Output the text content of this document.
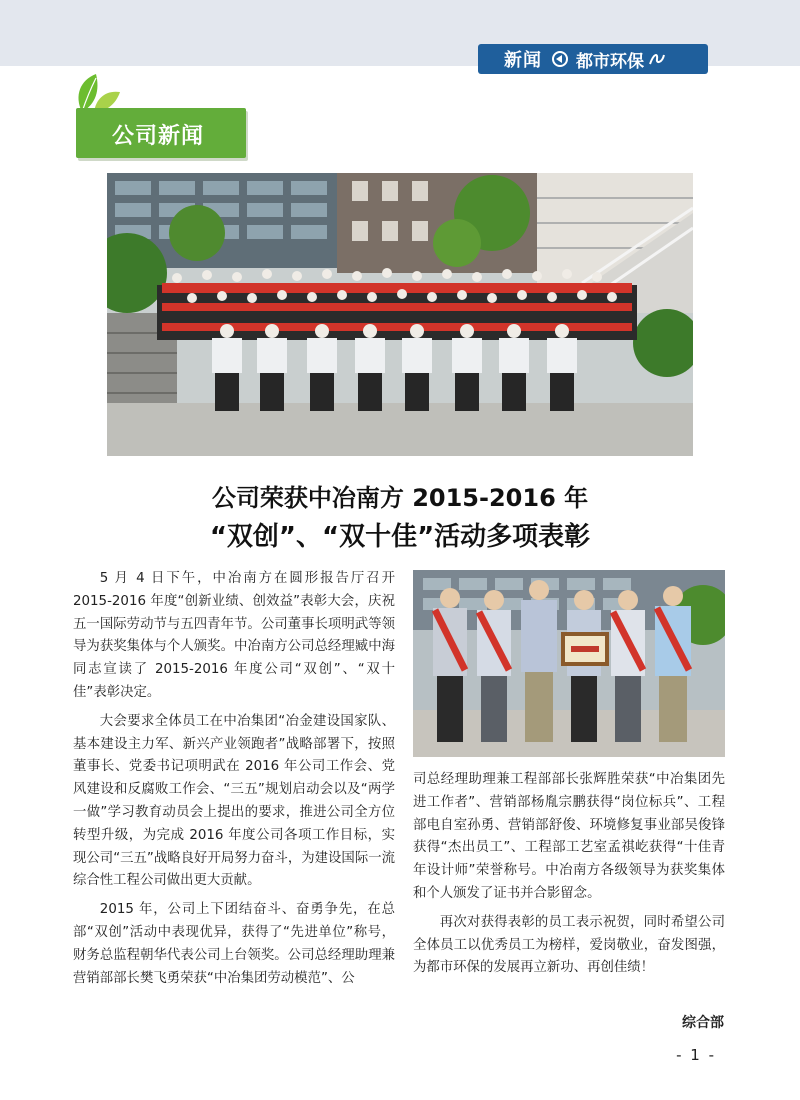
新闻 都市环保
公司新闻
公司荣获中冶南方 2015-2016 年
“双创”、“双十佳”活动多项表彰

5 月 4 日下午，中冶南方在圆形报告厅召开 2015-2016 年度“创新业绩、创效益”表彰大会，庆祝五一国际劳动节与五四青年节。公司董事长项明武等领导为获奖集体与个人颁奖。中冶南方公司总经理臧中海同志宣读了 2015-2016 年度公司“双创”、“双十佳”表彰决定。

大会要求全体员工在中冶集团“冶金建设国家队、基本建设主力军、新兴产业领跑者”战略部署下，按照董事长、党委书记项明武在 2016 年公司工作会、党风建设和反腐败工作会、“三五”规划启动会以及“两学一做”学习教育动员会上提出的要求，推进公司全方位转型升级，为完成 2016 年度公司各项工作目标，实现公司“三五”战略良好开局努力奋斗，为建设国际一流综合性工程公司做出更大贡献。

2015 年，公司上下团结奋斗、奋勇争先，在总部“双创”活动中表现优异，获得了“先进单位”称号，财务总监程朝华代表公司上台领奖。公司总经理助理兼营销部部长樊飞勇荣获“中冶集团劳动模范”、公

司总经理助理兼工程部部长张辉胜荣获“中冶集团先进工作者”、营销部杨胤宗鹏获得“岗位标兵”、工程部电自室孙勇、营销部舒俊、环境修复事业部吴俊锋获得“杰出员工”、工程部工艺室孟祺屹获得“十佳青年设计师”荣誉称号。中冶南方各级领导为获奖集体和个人颁发了证书并合影留念。

再次对获得表彰的员工表示祝贺，同时希望公司全体员工以优秀员工为榜样，爱岗敬业，奋发图强，为都市环保的发展再立新功、再创佳绩！

综合部
- 1 -
